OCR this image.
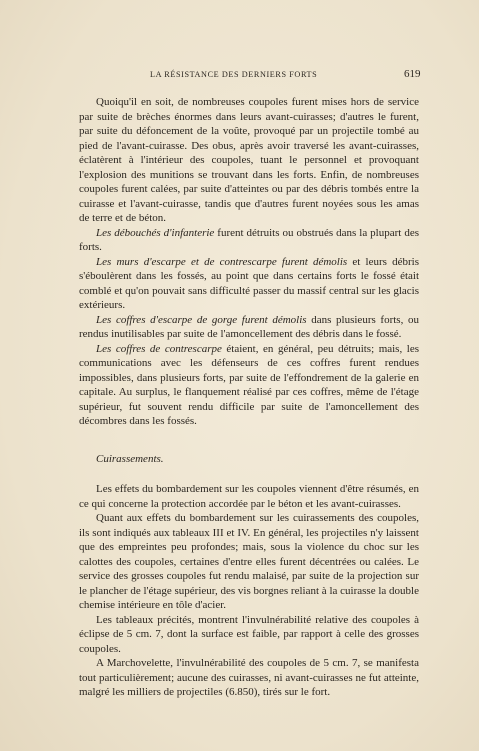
LA RÉSISTANCE DES DERNIERS FORTS	619

Quoiqu'il en soit, de nombreuses coupoles furent mises hors de service par suite de brèches énormes dans leurs avant-cuirasses; d'autres le furent, par suite du défoncement de la voûte, provoqué par un projectile tombé au pied de l'avant-cuirasse. Des obus, après avoir traversé les avant-cuirasses, éclatèrent à l'intérieur des coupoles, tuant le personnel et provoquant l'explosion des munitions se trouvant dans les forts. Enfin, de nombreuses coupoles furent calées, par suite d'atteintes ou par des débris tombés entre la cuirasse et l'avant-cuirasse, tandis que d'autres furent noyées sous les amas de terre et de béton.

Les débouchés d'infanterie furent détruits ou obstrués dans la plupart des forts.

Les murs d'escarpe et de contrescarpe furent démolis et leurs débris s'éboulèrent dans les fossés, au point que dans certains forts le fossé était comblé et qu'on pouvait sans difficulté passer du massif central sur les glacis extérieurs.

Les coffres d'escarpe de gorge furent démolis dans plusieurs forts, ou rendus inutilisables par suite de l'amoncellement des débris dans le fossé.

Les coffres de contrescarpe étaient, en général, peu détruits; mais, les communications avec les défenseurs de ces coffres furent rendues impossibles, dans plusieurs forts, par suite de l'effondrement de la galerie en capitale. Au surplus, le flanquement réalisé par ces coffres, même de l'étage supérieur, fut souvent rendu difficile par suite de l'amoncellement des décombres dans les fossés.

Cuirassements.

Les effets du bombardement sur les coupoles viennent d'être résumés, en ce qui concerne la protection accordée par le béton et les avant-cuirasses.

Quant aux effets du bombardement sur les cuirassements des coupoles, ils sont indiqués aux tableaux III et IV. En général, les projectiles n'y laissent que des empreintes peu profondes; mais, sous la violence du choc sur les calottes des coupoles, certaines d'entre elles furent décentrées ou calées. Le service des grosses coupoles fut rendu malaisé, par suite de la projection sur le plancher de l'étage supérieur, des vis borgnes reliant à la cuirasse la double chemise intérieure en tôle d'acier.

Les tableaux précités, montrent l'invulnérabilité relative des coupoles à éclipse de 5 cm. 7, dont la surface est faible, par rapport à celle des grosses coupoles.

A Marchovelette, l'invulnérabilité des coupoles de 5 cm. 7, se manifesta tout particulièrement; aucune des cuirasses, ni avant-cuirasses ne fut atteinte, malgré les milliers de projectiles (6.850), tirés sur le fort.
